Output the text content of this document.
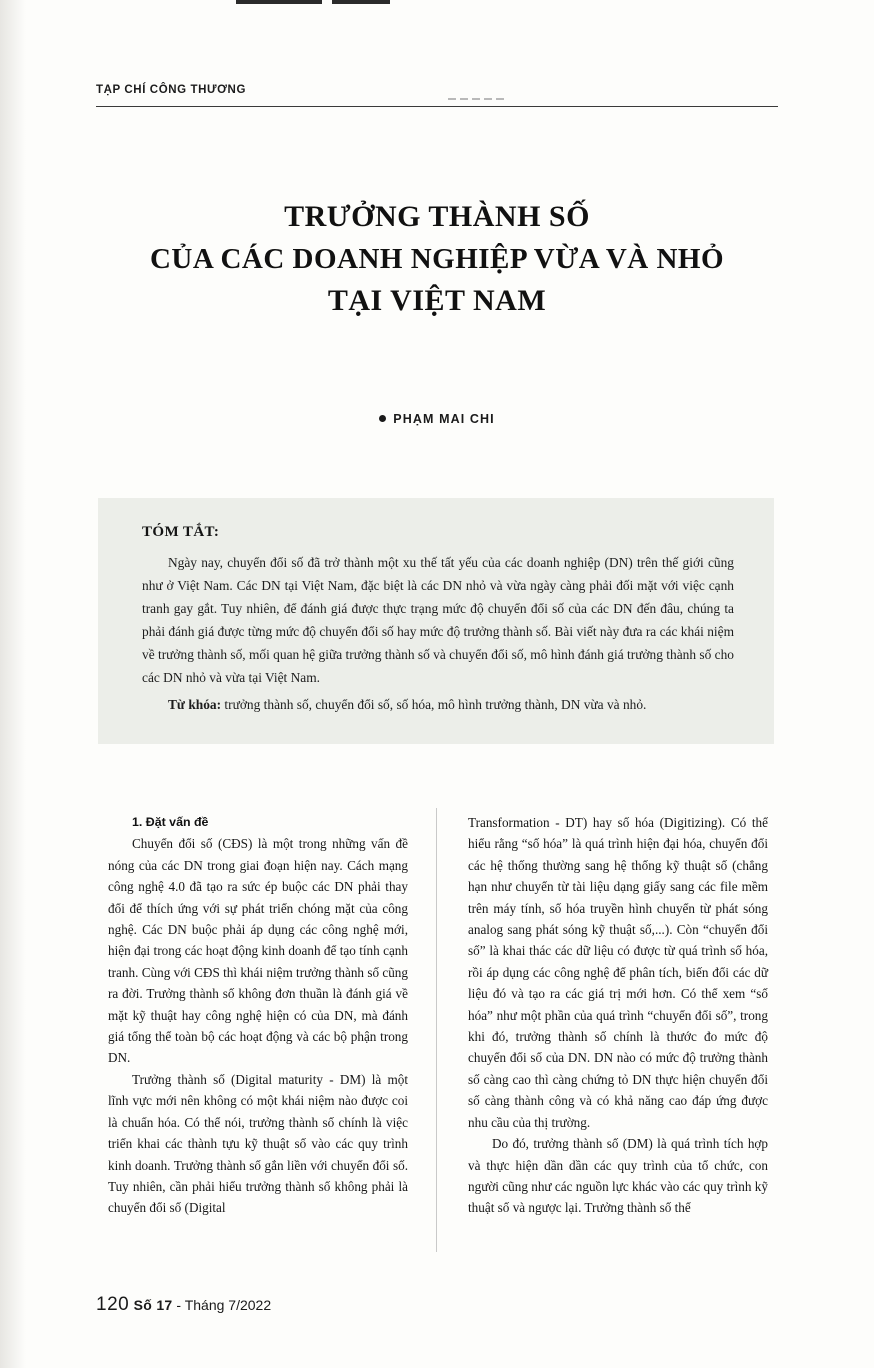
TẠP CHÍ CÔNG THƯƠNG
TRƯỞNG THÀNH SỐ
CỦA CÁC DOANH NGHIỆP VỪA VÀ NHỎ
TẠI VIỆT NAM
PHẠM MAI CHI
TÓM TẮT:
Ngày nay, chuyển đổi số đã trở thành một xu thế tất yếu của các doanh nghiệp (DN) trên thế giới cũng như ở Việt Nam. Các DN tại Việt Nam, đặc biệt là các DN nhỏ và vừa ngày càng phải đối mặt với việc cạnh tranh gay gắt. Tuy nhiên, để đánh giá được thực trạng mức độ chuyển đổi số của các DN đến đâu, chúng ta phải đánh giá được từng mức độ chuyển đổi số hay mức độ trưởng thành số. Bài viết này đưa ra các khái niệm về trưởng thành số, mối quan hệ giữa trưởng thành số và chuyển đổi số, mô hình đánh giá trưởng thành số cho các DN nhỏ và vừa tại Việt Nam.
Từ khóa: trưởng thành số, chuyển đổi số, số hóa, mô hình trưởng thành, DN vừa và nhỏ.

1. Đặt vấn đề

Chuyển đổi số (CĐS) là một trong những vấn đề nóng của các DN trong giai đoạn hiện nay. Cách mạng công nghệ 4.0 đã tạo ra sức ép buộc các DN phải thay đổi để thích ứng với sự phát triển chóng mặt của công nghệ. Các DN buộc phải áp dụng các công nghệ mới, hiện đại trong các hoạt động kinh doanh để tạo tính cạnh tranh. Cùng với CĐS thì khái niệm trưởng thành số cũng ra đời. Trưởng thành số không đơn thuần là đánh giá về mặt kỹ thuật hay công nghệ hiện có của DN, mà đánh giá tổng thể toàn bộ các hoạt động và các bộ phận trong DN.

Trưởng thành số (Digital maturity - DM) là một lĩnh vực mới nên không có một khái niệm nào được coi là chuẩn hóa. Có thể nói, trưởng thành số chính là việc triển khai các thành tựu kỹ thuật số vào các quy trình kinh doanh. Trưởng thành số gắn liền với chuyển đổi số. Tuy nhiên, cần phải hiểu trưởng thành số không phải là chuyển đổi số (Digital

Transformation - DT) hay số hóa (Digitizing). Có thể hiểu rằng “số hóa” là quá trình hiện đại hóa, chuyển đổi các hệ thống thường sang hệ thống kỹ thuật số (chẳng hạn như chuyển từ tài liệu dạng giấy sang các file mềm trên máy tính, số hóa truyền hình chuyển từ phát sóng analog sang phát sóng kỹ thuật số,...). Còn “chuyển đổi số” là khai thác các dữ liệu có được từ quá trình số hóa, rồi áp dụng các công nghệ để phân tích, biến đổi các dữ liệu đó và tạo ra các giá trị mới hơn. Có thể xem “số hóa” như một phần của quá trình “chuyển đổi số”, trong khi đó, trưởng thành số chính là thước đo mức độ chuyển đổi số của DN. DN nào có mức độ trưởng thành số càng cao thì càng chứng tỏ DN thực hiện chuyển đổi số càng thành công và có khả năng cao đáp ứng được nhu cầu của thị trường.

Do đó, trưởng thành số (DM) là quá trình tích hợp và thực hiện dần dần các quy trình của tổ chức, con người cũng như các nguồn lực khác vào các quy trình kỹ thuật số và ngược lại. Trưởng thành số thể

120 Số 17 - Tháng 7/2022
